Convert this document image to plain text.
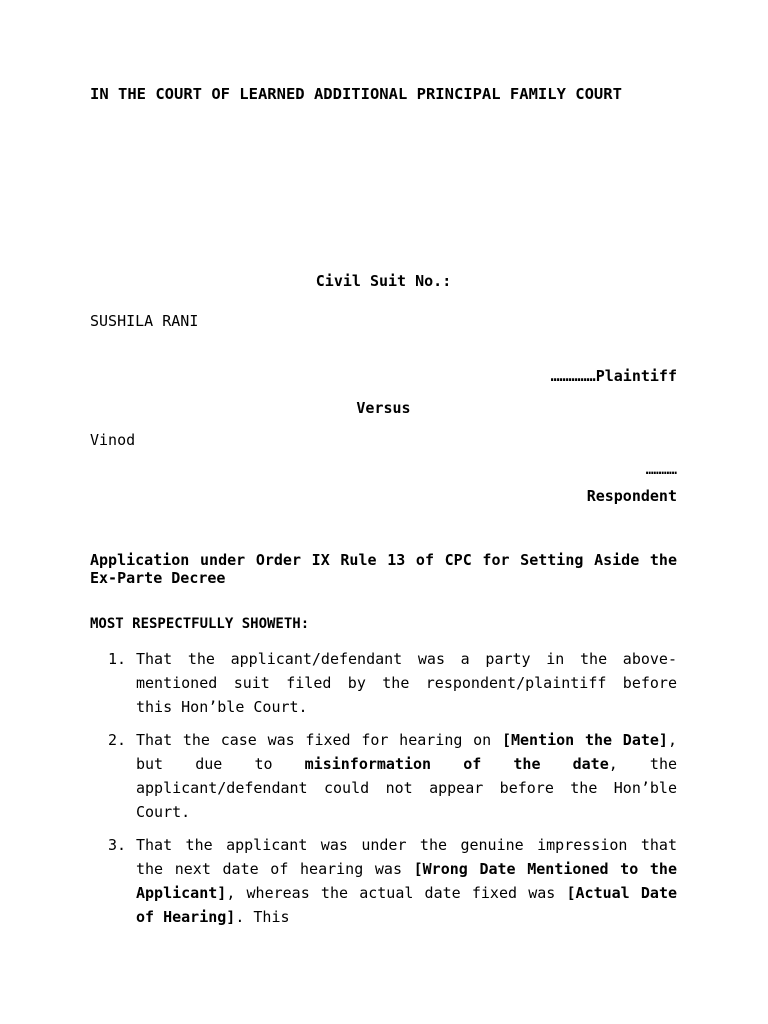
IN THE COURT OF LEARNED ADDITIONAL PRINCIPAL FAMILY COURT
Civil Suit No.:
SUSHILA RANI
……………Plaintiff
Versus
Vinod
…………
Respondent
Application under Order IX Rule 13 of CPC for Setting Aside the Ex-Parte Decree
MOST RESPECTFULLY SHOWETH:
1. That the applicant/defendant was a party in the above-mentioned suit filed by the respondent/plaintiff before this Hon’ble Court.
2. That the case was fixed for hearing on [Mention the Date], but due to misinformation of the date, the applicant/defendant could not appear before the Hon’ble Court.
3. That the applicant was under the genuine impression that the next date of hearing was [Wrong Date Mentioned to the Applicant], whereas the actual date fixed was [Actual Date of Hearing]. This
